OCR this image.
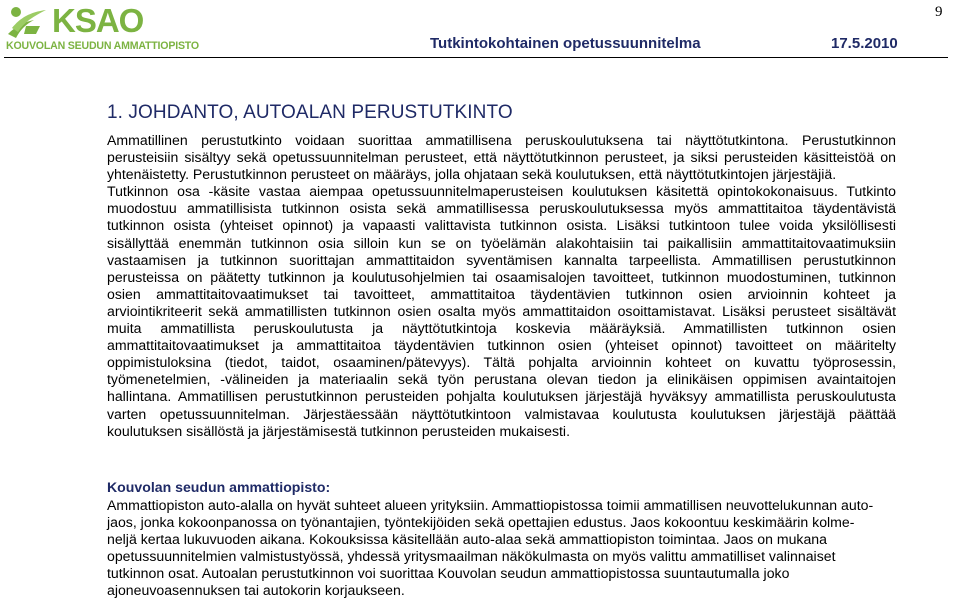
KSAO

KOUVOLAN SEUDUN AMMATTIOPISTO	Tutkintokohtainen opetussuunnitelma	17.5.2010

9

1. JOHDANTO, AUTOALAN PERUSTUTKINTO
Ammatillinen perustutkinto voidaan suorittaa ammatillisena peruskoulutuksena tai näyttötutkintona. Perustutkinnon
perusteisiin sisältyy sekä opetussuunnitelman perusteet, että näyttötutkinnon perusteet, ja siksi perusteiden käsitteistöä on
yhtenäistetty. Perustutkinnon perusteet on määräys, jolla ohjataan sekä koulutuksen, että näyttötutkintojen järjestäjiä.
Tutkinnon osa -käsite vastaa aiempaa opetussuunnitelmaperusteisen koulutuksen käsitettä opintokokonaisuus. Tutkinto
muodostuu ammatillisista tutkinnon osista sekä ammatillisessa peruskoulutuksessa myös ammattitaitoa täydentävistä
tutkinnon osista (yhteiset opinnot) ja vapaasti valittavista tutkinnon osista. Lisäksi tutkintoon tulee voida yksilöllisesti
sisällyttää enemmän tutkinnon osia silloin kun se on työelämän alakohtaisiin tai paikallisiin ammattitaitovaatimuksiin
vastaamisen ja tutkinnon suorittajan ammattitaidon syventämisen kannalta tarpeellista. Ammatillisen perustutkinnon
perusteissa on päätetty tutkinnon ja koulutusohjelmien tai osaamisalojen tavoitteet, tutkinnon muodostuminen, tutkinnon
osien ammattitaitovaatimukset tai tavoitteet, ammattitaitoa täydentävien tutkinnon osien arvioinnin kohteet ja
arviointikriteerit sekä ammatillisten tutkinnon osien osalta myös ammattitaidon osoittamistavat. Lisäksi perusteet sisältävät
muita ammatillista peruskoulutusta ja näyttötutkintoja koskevia määräyksiä. Ammatillisten tutkinnon osien
ammattitaitovaatimukset ja ammattitaitoa täydentävien tutkinnon osien (yhteiset opinnot) tavoitteet on määritelty
oppimistuloksina (tiedot, taidot, osaaminen/pätevyys). Tältä pohjalta arvioinnin kohteet on kuvattu työprosessin,
työmenetelmien, -välineiden ja materiaalin sekä työn perustana olevan tiedon ja elinikäisen oppimisen avaintaitojen
hallintana. Ammatillisen perustutkinnon perusteiden pohjalta koulutuksen järjestäjä hyväksyy ammatillista peruskoulutusta
varten opetussuunnitelman. Järjestäessään näyttötutkintoon valmistavaa koulutusta koulutuksen järjestäjä päättää
koulutuksen sisällöstä ja järjestämisestä tutkinnon perusteiden mukaisesti.

Kouvolan seudun ammattiopisto:

Ammattiopiston auto-alalla on hyvät suhteet alueen yrityksiin. Ammattiopistossa toimii ammatillisen neuvottelukunnan auto-
jaos, jonka kokoonpanossa on työnantajien, työntekijöiden sekä opettajien edustus. Jaos kokoontuu keskimäärin kolme-
neljä kertaa lukuvuoden aikana. Kokouksissa käsitellään auto-alaa sekä ammattiopiston toimintaa. Jaos on mukana
opetussuunnitelmien valmistustyössä, yhdessä yritysmaailman näkökulmasta on myös valittu ammatilliset valinnaiset
tutkinnon osat. Autoalan perustutkinnon voi suorittaa Kouvolan seudun ammattiopistossa suuntautumalla joko
ajoneuvoasennuksen tai autokorin korjaukseen.
